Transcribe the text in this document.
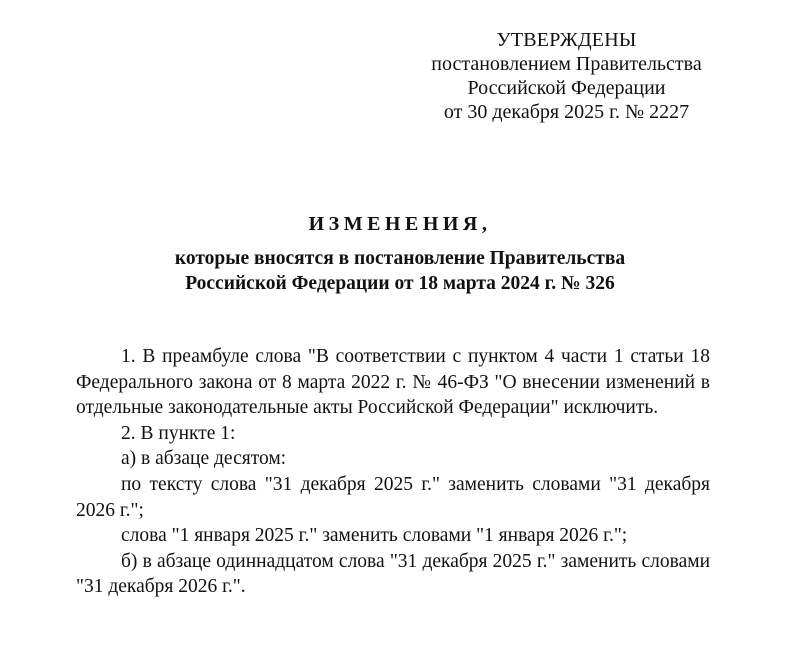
УТВЕРЖДЕНЫ
постановлением Правительства
Российской Федерации
от 30 декабря 2025 г. № 2227
ИЗМЕНЕНИЯ,
которые вносятся в постановление Правительства
Российской Федерации от 18 марта 2024 г. № 326

1. В преамбуле слова "В соответствии с пунктом 4 части 1 статьи 18 Федерального закона от 8 марта 2022 г. № 46-ФЗ "О внесении изменений в отдельные законодательные акты Российской Федерации" исключить.

2. В пункте 1:

а) в абзаце десятом:

по тексту слова "31 декабря 2025 г." заменить словами "31 декабря 2026 г.";

слова "1 января 2025 г." заменить словами "1 января 2026 г.";

б) в абзаце одиннадцатом слова "31 декабря 2025 г." заменить словами "31 декабря 2026 г.".
